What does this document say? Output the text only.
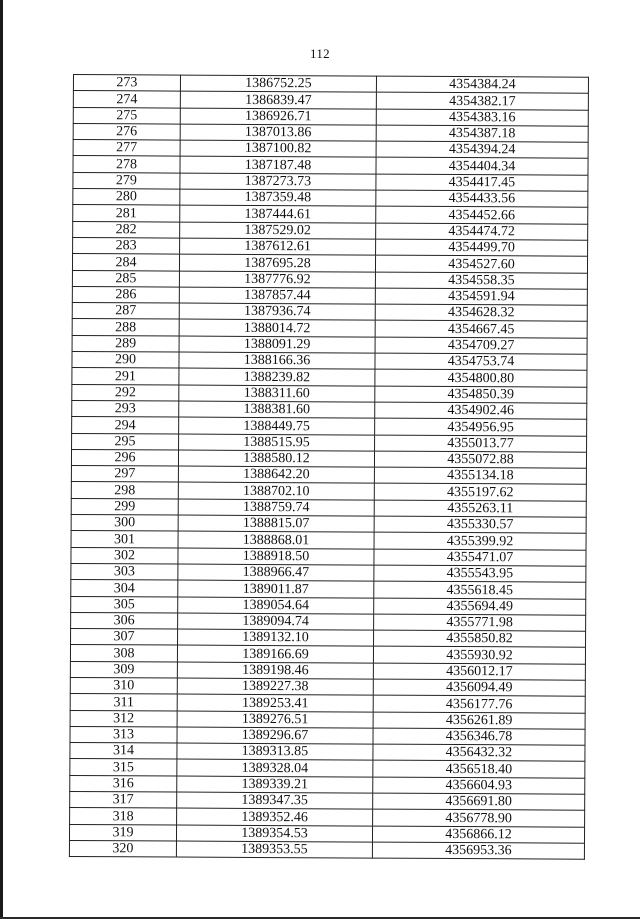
112
273	1386752.25	4354384.24
274	1386839.47	4354382.17
275	1386926.71	4354383.16
276	1387013.86	4354387.18
277	1387100.82	4354394.24
278	1387187.48	4354404.34
279	1387273.73	4354417.45
280	1387359.48	4354433.56
281	1387444.61	4354452.66
282	1387529.02	4354474.72
283	1387612.61	4354499.70
284	1387695.28	4354527.60
285	1387776.92	4354558.35
286	1387857.44	4354591.94
287	1387936.74	4354628.32
288	1388014.72	4354667.45
289	1388091.29	4354709.27
290	1388166.36	4354753.74
291	1388239.82	4354800.80
292	1388311.60	4354850.39
293	1388381.60	4354902.46
294	1388449.75	4354956.95
295	1388515.95	4355013.77
296	1388580.12	4355072.88
297	1388642.20	4355134.18
298	1388702.10	4355197.62
299	1388759.74	4355263.11
300	1388815.07	4355330.57
301	1388868.01	4355399.92
302	1388918.50	4355471.07
303	1388966.47	4355543.95
304	1389011.87	4355618.45
305	1389054.64	4355694.49
306	1389094.74	4355771.98
307	1389132.10	4355850.82
308	1389166.69	4355930.92
309	1389198.46	4356012.17
310	1389227.38	4356094.49
311	1389253.41	4356177.76
312	1389276.51	4356261.89
313	1389296.67	4356346.78
314	1389313.85	4356432.32
315	1389328.04	4356518.40
316	1389339.21	4356604.93
317	1389347.35	4356691.80
318	1389352.46	4356778.90
319	1389354.53	4356866.12
320	1389353.55	4356953.36
